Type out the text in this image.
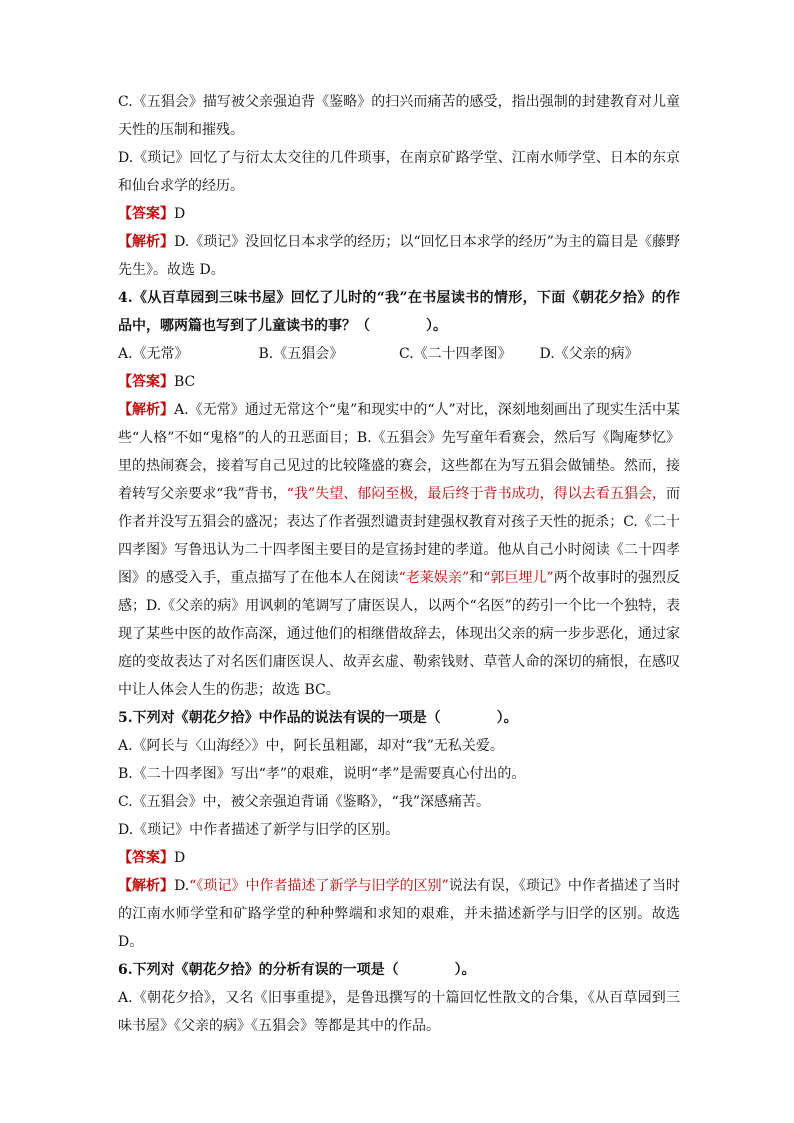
C.《五猖会》描写被父亲强迫背《鉴略》的扫兴而痛苦的感受，指出强制的封建教育对儿童天性的压制和摧残。

D.《琐记》回忆了与衍太太交往的几件琐事，在南京矿路学堂、江南水师学堂、日本的东京和仙台求学的经历。

【答案】D

【解析】D.《琐记》没回忆日本求学的经历；以“回忆日本求学的经历”为主的篇目是《藤野先生》。故选 D。

4.《从百草园到三味书屋》回忆了儿时的“我”在书屋读书的情形，下面《朝花夕拾》的作品中，哪两篇也写到了儿童读书的事？（　　　　）。

A.《无常》	B.《五猖会》	C.《二十四孝图》	D.《父亲的病》

【答案】BC

【解析】A.《无常》通过无常这个“鬼”和现实中的“人”对比，深刻地刻画出了现实生活中某些“人格”不如“鬼格”的人的丑恶面目；B.《五猖会》先写童年看赛会，然后写《陶庵梦忆》里的热闹赛会，接着写自己见过的比较隆盛的赛会，这些都在为写五猖会做铺垫。然而，接着转写父亲要求“我”背书，“我”失望、郁闷至极，最后终于背书成功，得以去看五猖会，而作者并没写五猖会的盛况；表达了作者强烈谴责封建强权教育对孩子天性的扼杀；C.《二十四孝图》写鲁迅认为二十四孝图主要目的是宣扬封建的孝道。他从自己小时阅读《二十四孝图》的感受入手，重点描写了在他本人在阅读“老莱娱亲”和“郭巨埋儿”两个故事时的强烈反感；D.《父亲的病》用讽刺的笔调写了庸医误人，以两个“名医”的药引一个比一个独特，表现了某些中医的故作高深，通过他们的相继借故辞去，体现出父亲的病一步步恶化，通过家庭的变故表达了对名医们庸医误人、故弄玄虚、勒索钱财、草菅人命的深切的痛恨，在感叹中让人体会人生的伤悲；故选 BC。

5.下列对《朝花夕拾》中作品的说法有误的一项是（　　　　）。

A.《阿长与〈山海经〉》中，阿长虽粗鄙，却对“我”无私关爱。

B.《二十四孝图》写出“孝”的艰难，说明“孝”是需要真心付出的。

C.《五猖会》中，被父亲强迫背诵《鉴略》，“我”深感痛苦。

D.《琐记》中作者描述了新学与旧学的区别。

【答案】D

【解析】D.“《琐记》中作者描述了新学与旧学的区别”说法有误，《琐记》中作者描述了当时的江南水师学堂和矿路学堂的种种弊端和求知的艰难，并未描述新学与旧学的区别。故选 D。

6.下列对《朝花夕拾》的分析有误的一项是（　　　　）。

A.《朝花夕拾》，又名《旧事重提》，是鲁迅撰写的十篇回忆性散文的合集，《从百草园到三味书屋》《父亲的病》《五猖会》等都是其中的作品。
